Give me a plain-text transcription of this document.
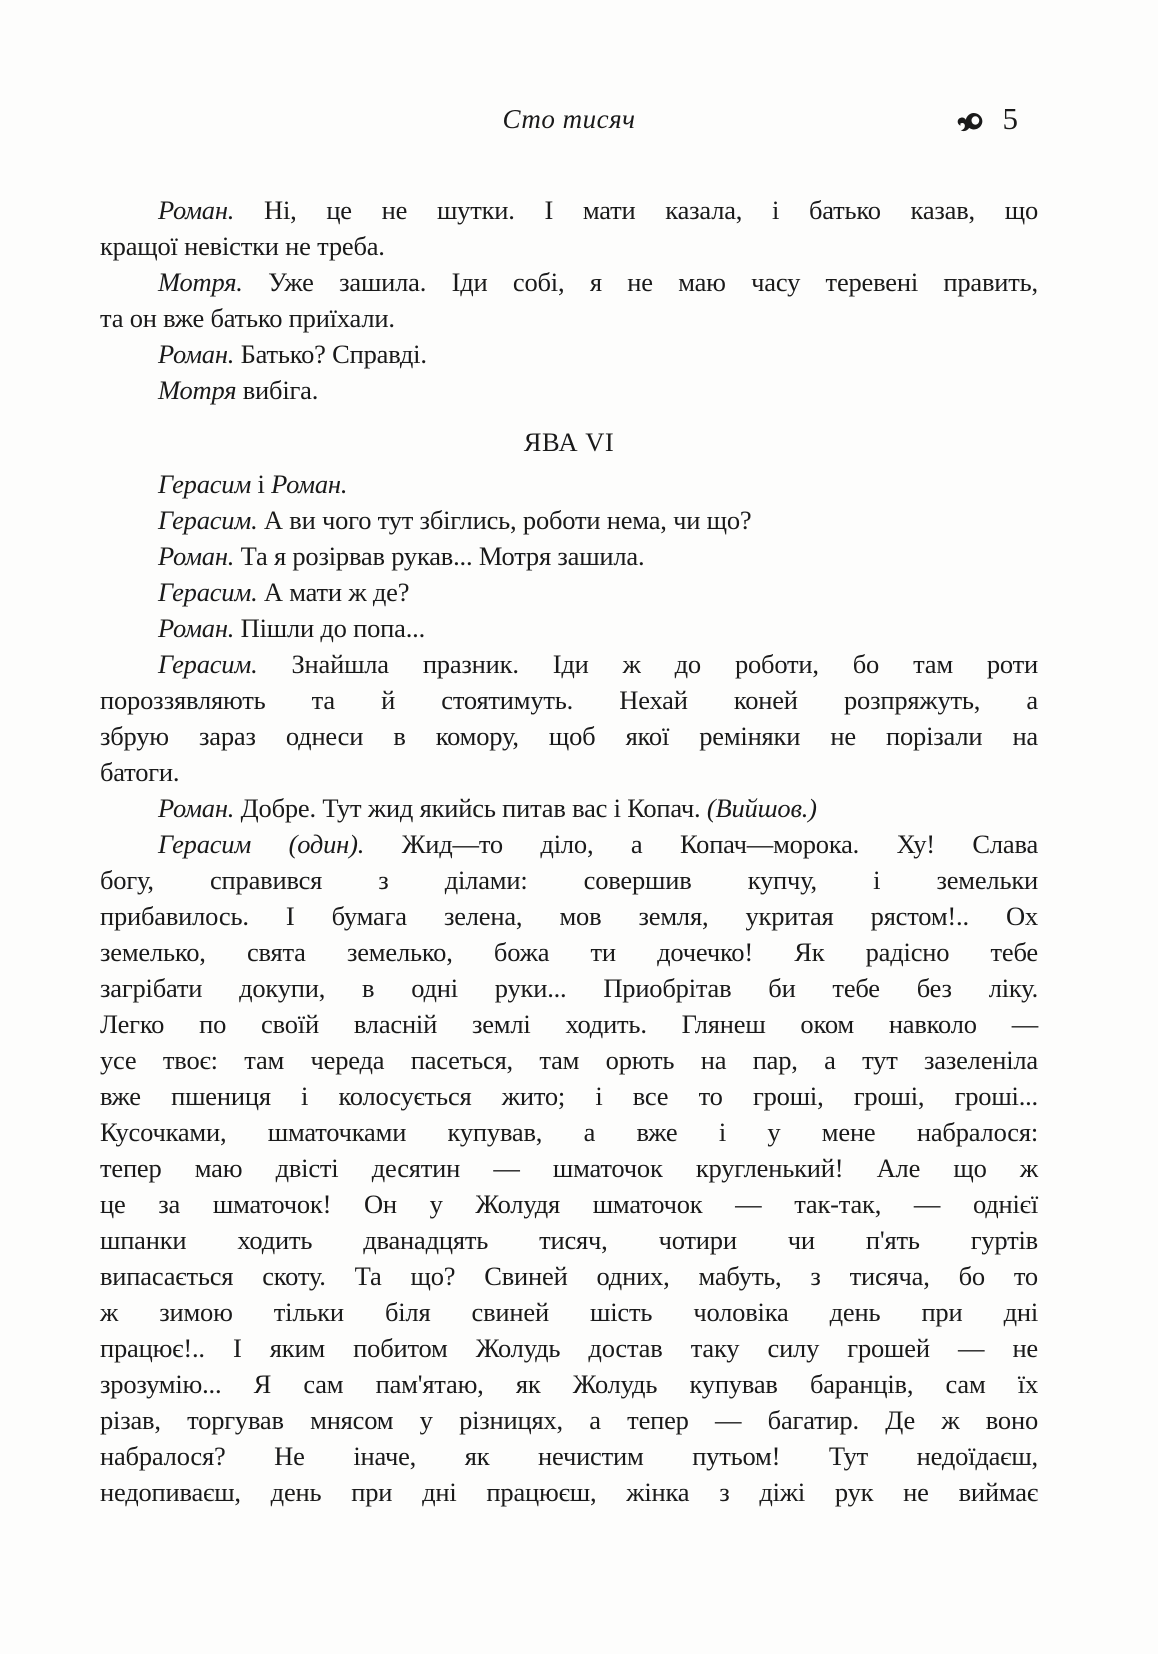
Сто тисяч	5
Роман. Ні, це не шутки. І мати казала, і батько казав, що
кращої невістки не треба.
Мотря. Уже зашила. Іди собі, я не маю часу теревені править,
та он вже батько приїхали.
Роман. Батько? Справді.
Мотря вибіга.
ЯВА VI
Герасим і Роман.
Герасим. А ви чого тут збіглись, роботи нема, чи що?
Роман. Та я розірвав рукав... Мотря зашила.
Герасим. А мати ж де?
Роман. Пішли до попа...
Герасим. Знайшла празник. Іди ж до роботи, бо там роти
пороззявляють та й стоятимуть. Нехай коней розпряжуть, а
збрую зараз однеси в комору, щоб якої реміняки не порізали на
батоги.
Роман. Добре. Тут жид якийсь питав вас і Копач. (Вийшов.)
Герасим (один). Жид—то діло, а Копач—морока. Ху! Слава
богу, справився з ділами: совершив купчу, і земельки
прибавилось. І бумага зелена, мов земля, укритая рястом!.. Ох
земелько, свята земелько, божа ти дочечко! Як радісно тебе
загрібати докупи, в одні руки... Приобрітав би тебе без ліку.
Легко по своїй власній землі ходить. Глянеш оком навколо —
усе твоє: там череда пасеться, там орють на пар, а тут зазеленіла
вже пшениця і колосується жито; і все то гроші, гроші, гроші...
Кусочками, шматочками купував, а вже і у мене набралося:
тепер маю двісті десятин — шматочок кругленький! Але що ж
це за шматочок! Он у Жолудя шматочок — так-так, — однієї
шпанки ходить дванадцять тисяч, чотири чи п'ять гуртів
випасається скоту. Та що? Свиней одних, мабуть, з тисяча, бо то
ж зимою тільки біля свиней шість чоловіка день при дні
працює!.. І яким побитом Жолудь достав таку силу грошей — не
зрозумію... Я сам пам'ятаю, як Жолудь купував баранців, сам їх
різав, торгував мнясом у різницях, а тепер — багатир. Де ж воно
набралося? Не іначе, як нечистим путьом! Тут недоїдаєш,
недопиваєш, день при дні працюєш, жінка з діжі рук не виймає
